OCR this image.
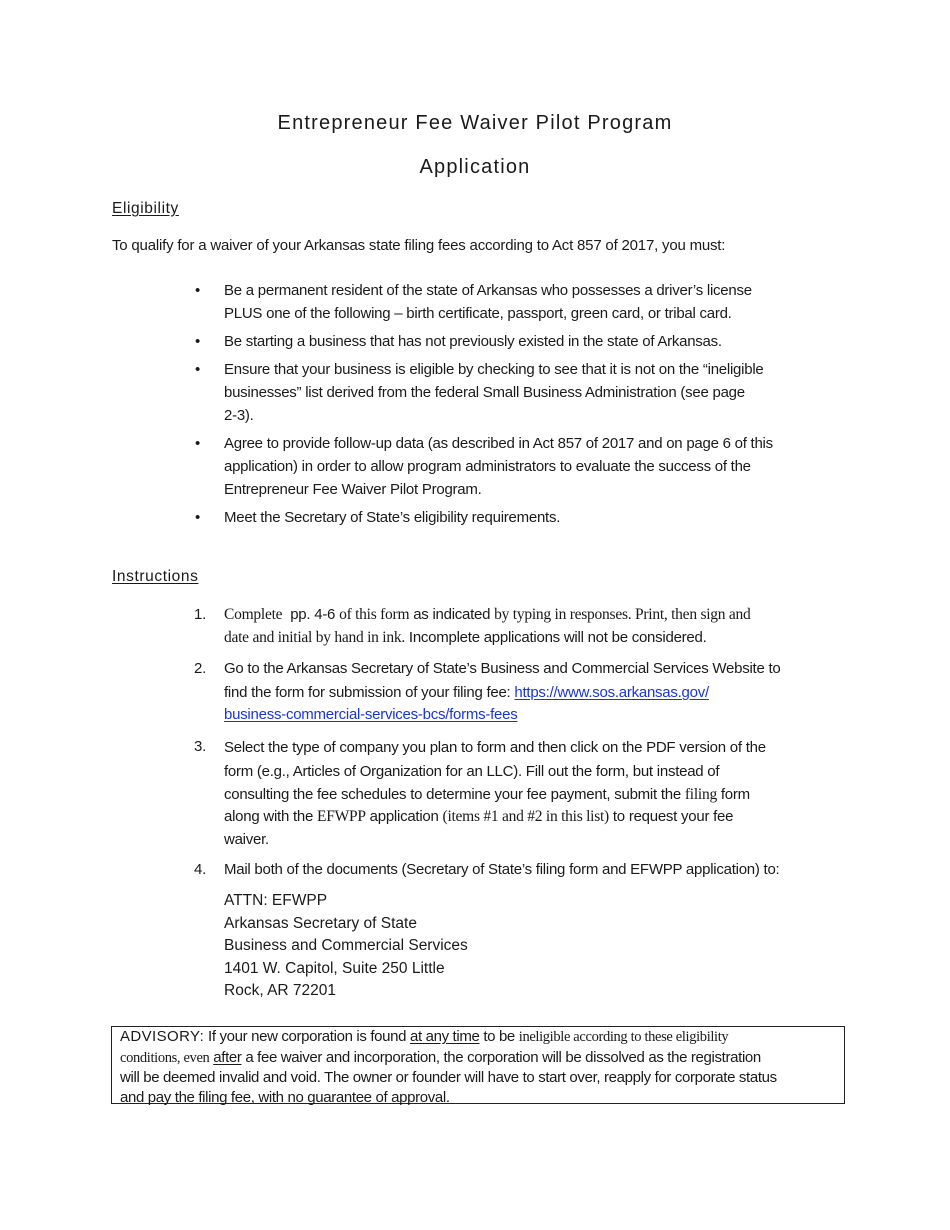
Entrepreneur Fee Waiver Pilot Program
Application
Eligibility
To qualify for a waiver of your Arkansas state filing fees according to Act 857 of 2017, you must:
•	Be a permanent resident of the state of Arkansas who possesses a driver’s license
PLUS one of the following – birth certificate, passport, green card, or tribal card.
•	Be starting a business that has not previously existed in the state of Arkansas.
•	Ensure that your business is eligible by checking to see that it is not on the “ineligible
businesses” list derived from the federal Small Business Administration (see page
2-3).
•	Agree to provide follow-up data (as described in Act 857 of 2017 and on page 6 of this
application) in order to allow program administrators to evaluate the success of the
Entrepreneur Fee Waiver Pilot Program.
•	Meet the Secretary of State’s eligibility requirements.
Instructions
1.	Complete pp. 4-6 of this form as indicated by typing in responses. Print, then sign and
date and initial by hand in ink. Incomplete applications will not be considered.
2.	Go to the Arkansas Secretary of State’s Business and Commercial Services Website to
find the form for submission of your filing fee: https://www.sos.arkansas.gov/
business-commercial-services-bcs/forms-fees
3.	Select the type of company you plan to form and then click on the PDF version of the
form (e.g., Articles of Organization for an LLC). Fill out the form, but instead of
consulting the fee schedules to determine your fee payment, submit the filing form
along with the EFWPP application (items #1 and #2 in this list) to request your fee
waiver.
4.	Mail both of the documents (Secretary of State’s filing form and EFWPP application) to:
ATTN: EFWPP
Arkansas Secretary of State
Business and Commercial Services
1401 W. Capitol, Suite 250 Little
Rock, AR 72201
ADVISORY: If your new corporation is found at any time to be ineligible according to these eligibility
conditions, even after a fee waiver and incorporation, the corporation will be dissolved as the registration
will be deemed invalid and void. The owner or founder will have to start over, reapply for corporate status
and pay the filing fee, with no guarantee of approval.
